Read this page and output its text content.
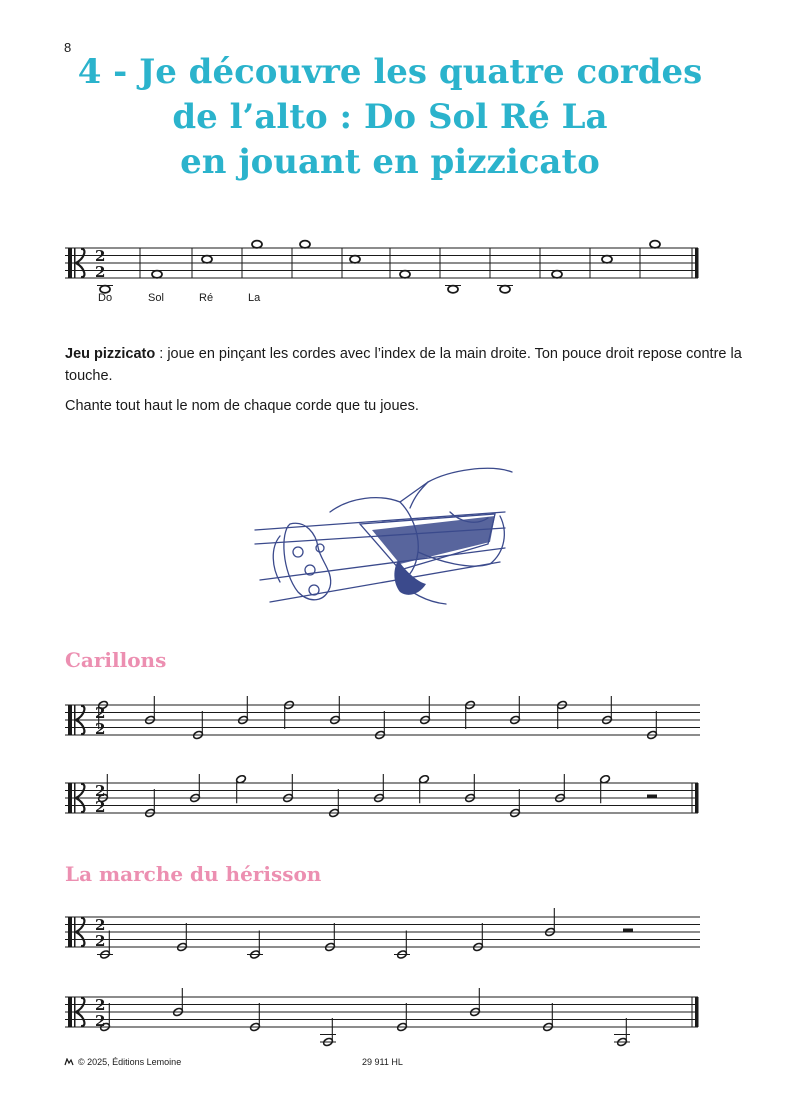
8
4 - Je découvre les quatre cordes
de l’alto : Do Sol Ré La
en jouant en pizzicato
2
2
Do	Sol	Ré	La
Jeu pizzicato : joue en pinçant les cordes avec l’index de la main droite. Ton pouce droit repose contre la touche.
Chante tout haut le nom de chaque corde que tu joues.
Carillons
2
2
2
2
La marche du hérisson
2
2
2
2
© 2025, Éditions Lemoine	29 911 HL
